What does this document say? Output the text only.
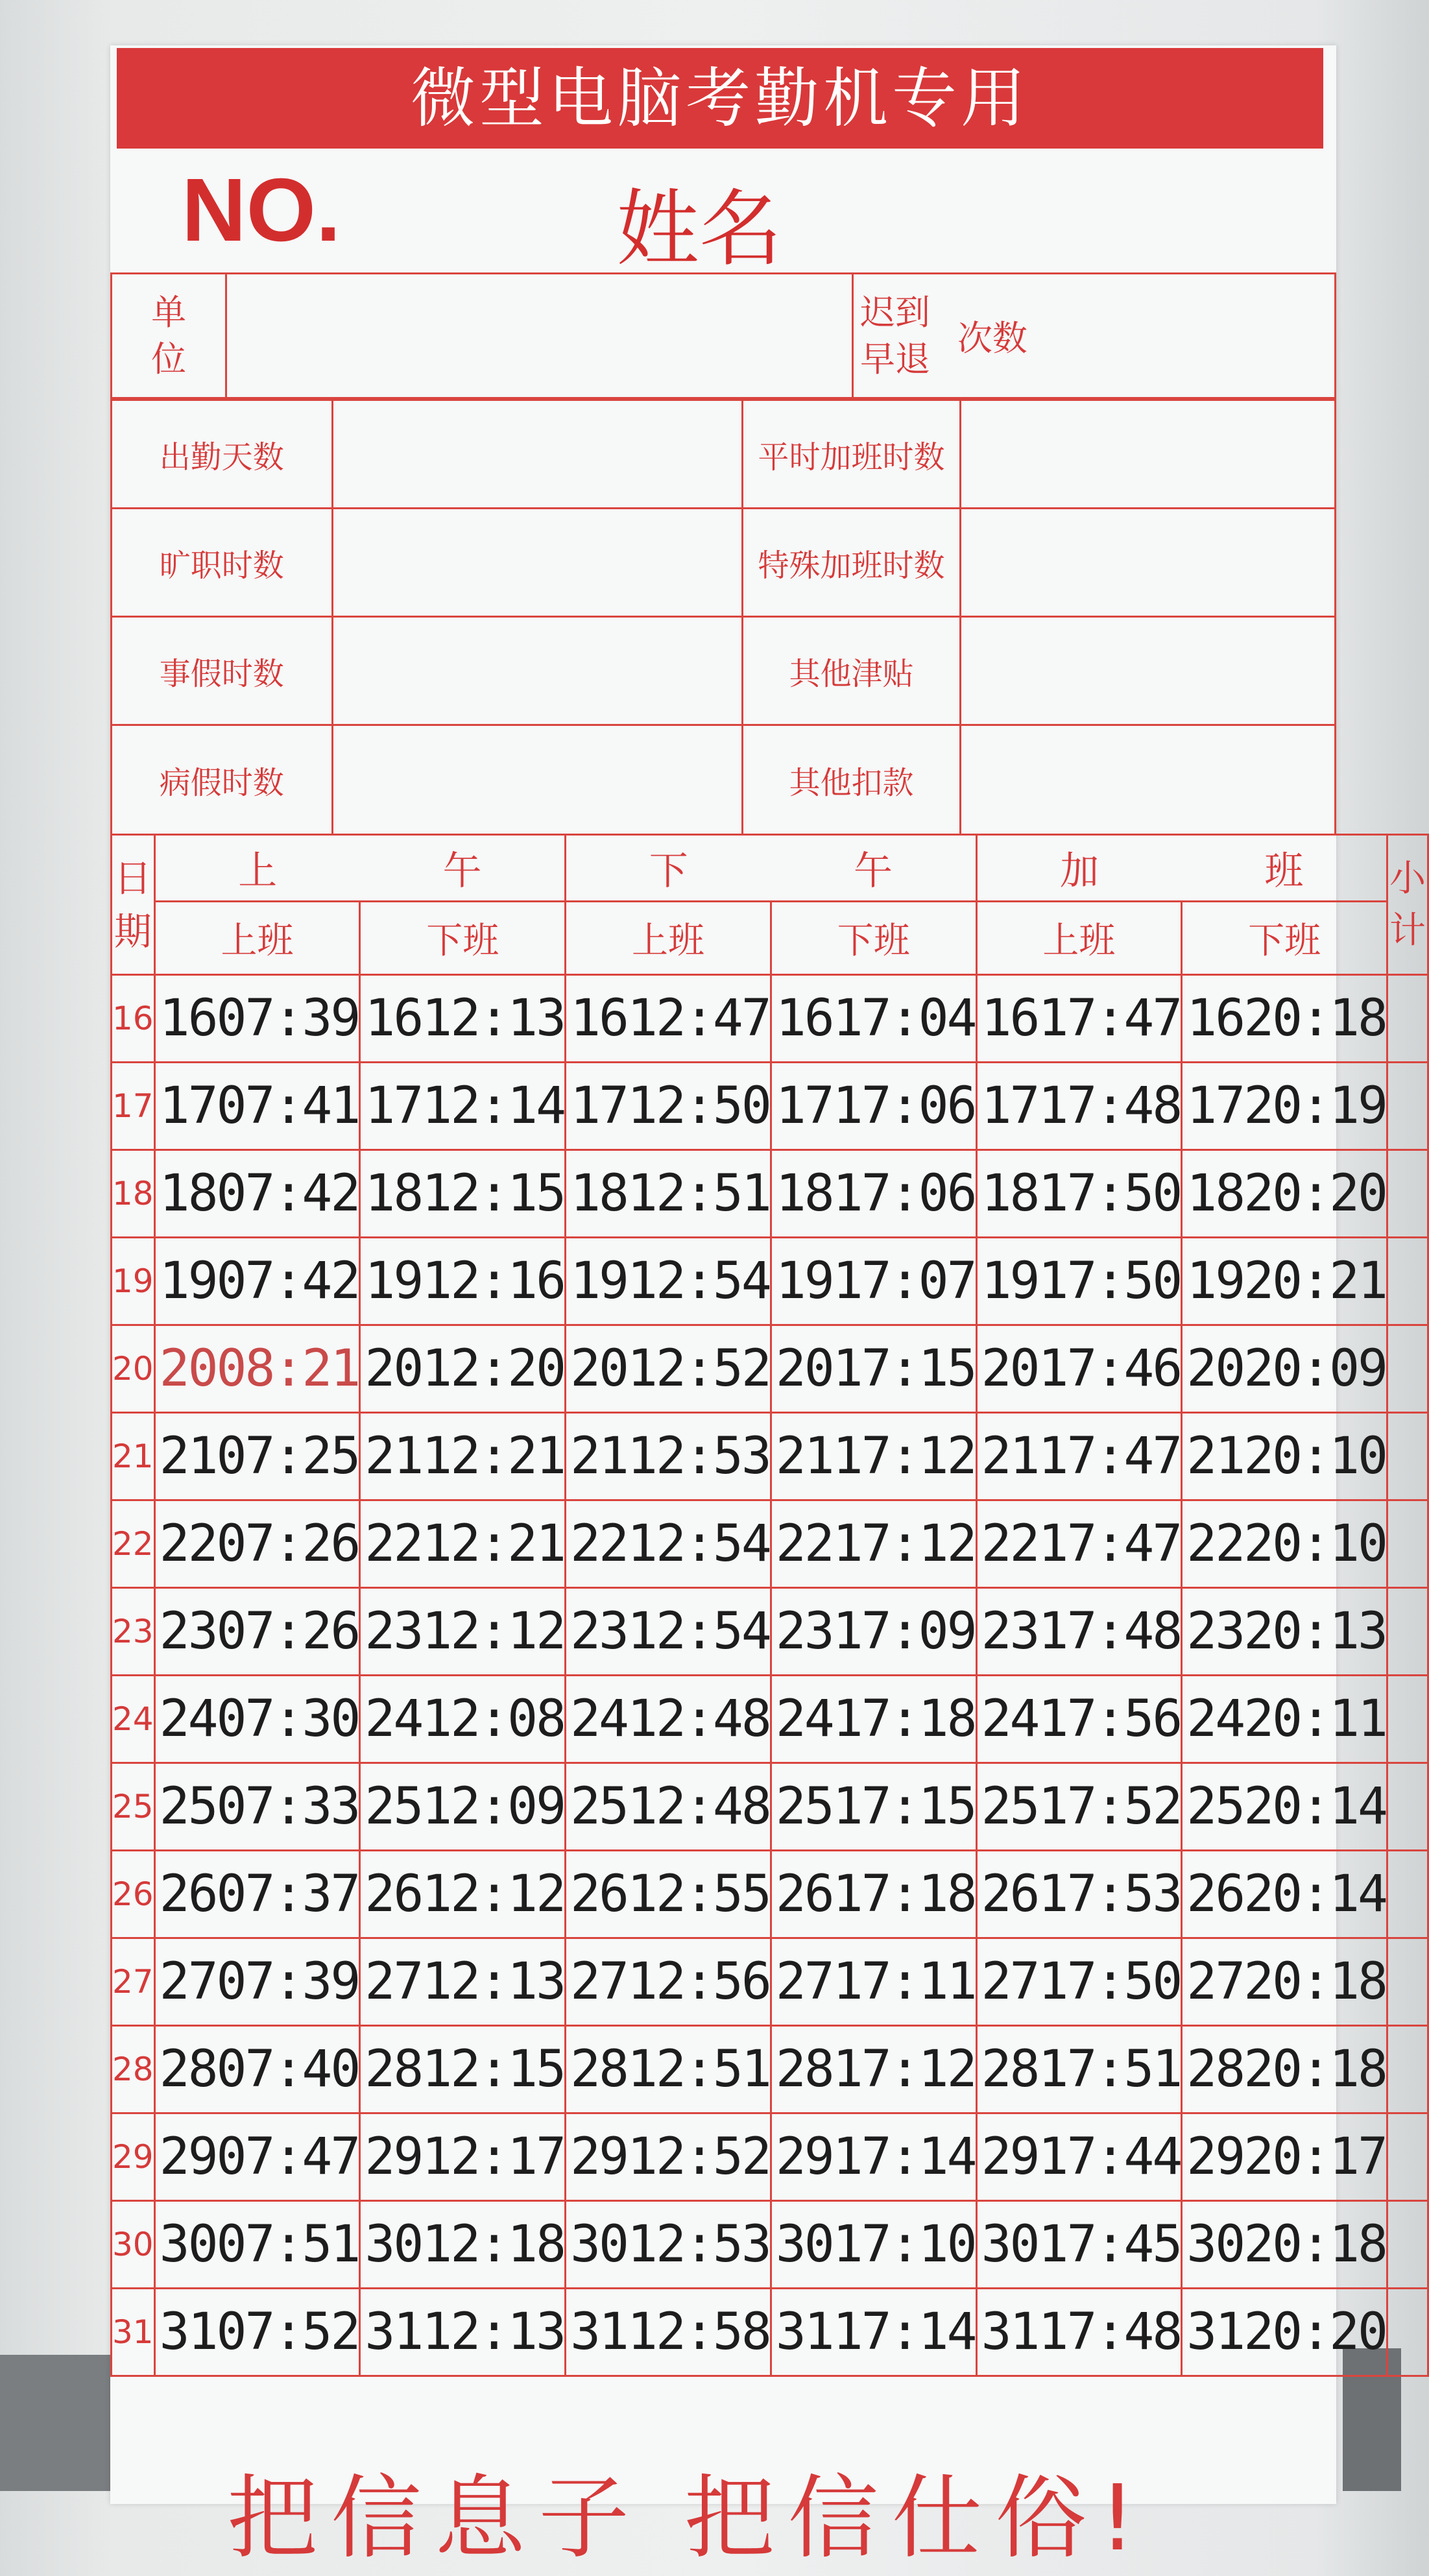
微型电脑考勤机专用
NO.	姓名
单位

迟到早退 次数
出勤天数		平时加班时数	
旷职时数		特殊加班时数	
事假时数		其他津贴	
病假时数		其他扣款	
日期	上 午		下 午		加 班		小计

	上班	下班	上班	下班	上班	下班	
16	1607:39	1612:13	1612:47	1617:04	1617:47	1620:18	
17	1707:41	1712:14	1712:50	1717:06	1717:48	1720:19	
18	1807:42	1812:15	1812:51	1817:06	1817:50	1820:20	
19	1907:42	1912:16	1912:54	1917:07	1917:50	1920:21	
20	2008:21	2012:20	2012:52	2017:15	2017:46	2020:09	
21	2107:25	2112:21	2112:53	2117:12	2117:47	2120:10	
22	2207:26	2212:21	2212:54	2217:12	2217:47	2220:10	
23	2307:26	2312:12	2312:54	2317:09	2317:48	2320:13	
24	2407:30	2412:08	2412:48	2417:18	2417:56	2420:11	
25	2507:33	2512:09	2512:48	2517:15	2517:52	2520:14	
26	2607:37	2612:12	2612:55	2617:18	2617:53	2620:14	
27	2707:39	2712:13	2712:56	2717:11	2717:50	2720:18	
28	2807:40	2812:15	2812:51	2817:12	2817:51	2820:18	
29	2907:47	2912:17	2912:52	2917:14	2917:44	2920:17	
30	3007:51	3012:18	3012:53	3017:10	3017:45	3020:18	
31	3107:52	3112:13	3112:58	3117:14	3117:48	3120:20	
把信息子 把信仕俗!
